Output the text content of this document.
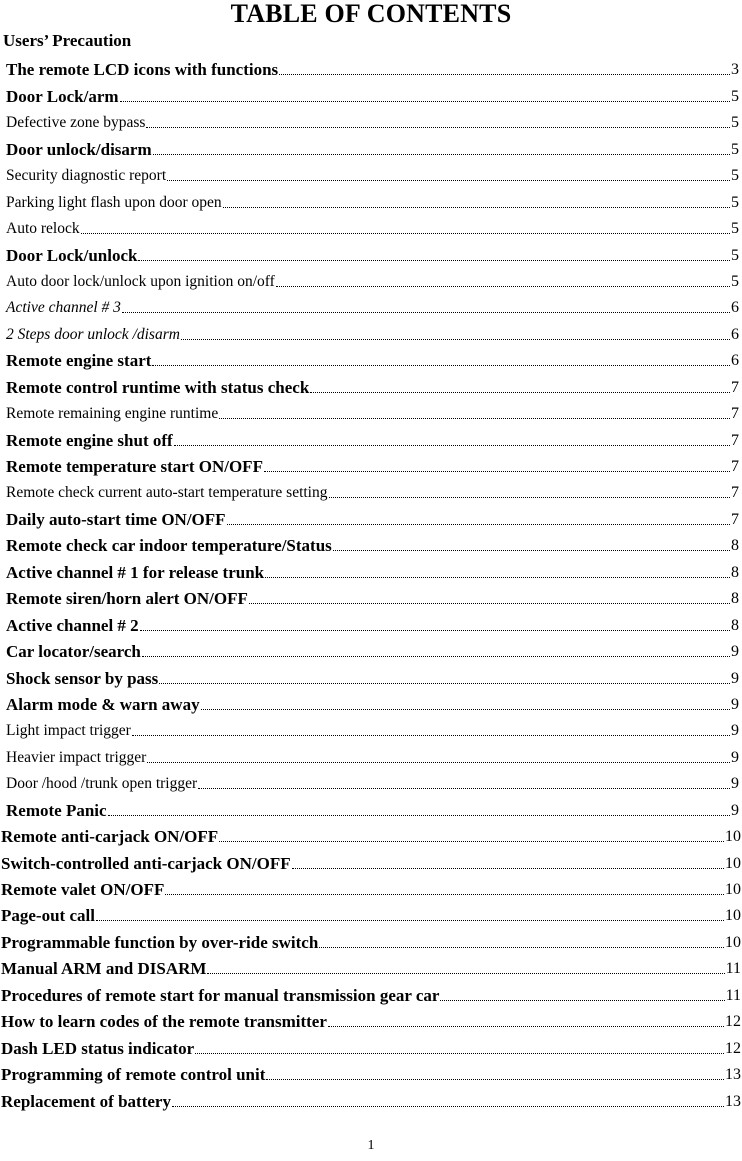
TABLE OF CONTENTS
Users’ Precaution
The remote LCD icons with functions	3
Door Lock/arm	5
Defective zone bypass	5
Door unlock/disarm	5
Security diagnostic report	5
Parking light flash upon door open	5
Auto relock	5
Door Lock/unlock	5
Auto door lock/unlock upon ignition on/off	5
Active channel # 3	6
2 Steps door unlock /disarm	6
Remote engine start	6
Remote control runtime with status check	7
Remote remaining engine runtime	7
Remote engine shut off	7
Remote temperature start ON/OFF	7
Remote check current auto-start temperature setting	7
Daily auto-start time ON/OFF	7
Remote check car indoor temperature/Status	8
Active channel # 1 for release trunk	8
Remote siren/horn alert ON/OFF	8
Active channel # 2	8
Car locator/search	9
Shock sensor by pass	9
Alarm mode & warn away	9
Light impact trigger	9
Heavier impact trigger	9
Door /hood /trunk open trigger	9
Remote Panic	9
Remote anti-carjack ON/OFF	10
Switch-controlled anti-carjack ON/OFF	10
Remote valet ON/OFF	10
Page-out call	10
Programmable function by over-ride switch	10
Manual ARM and DISARM	11
Procedures of remote start for manual transmission gear car	11
How to learn codes of the remote transmitter	12
Dash LED status indicator	12
Programming of remote control unit	13
Replacement of battery	13
1
